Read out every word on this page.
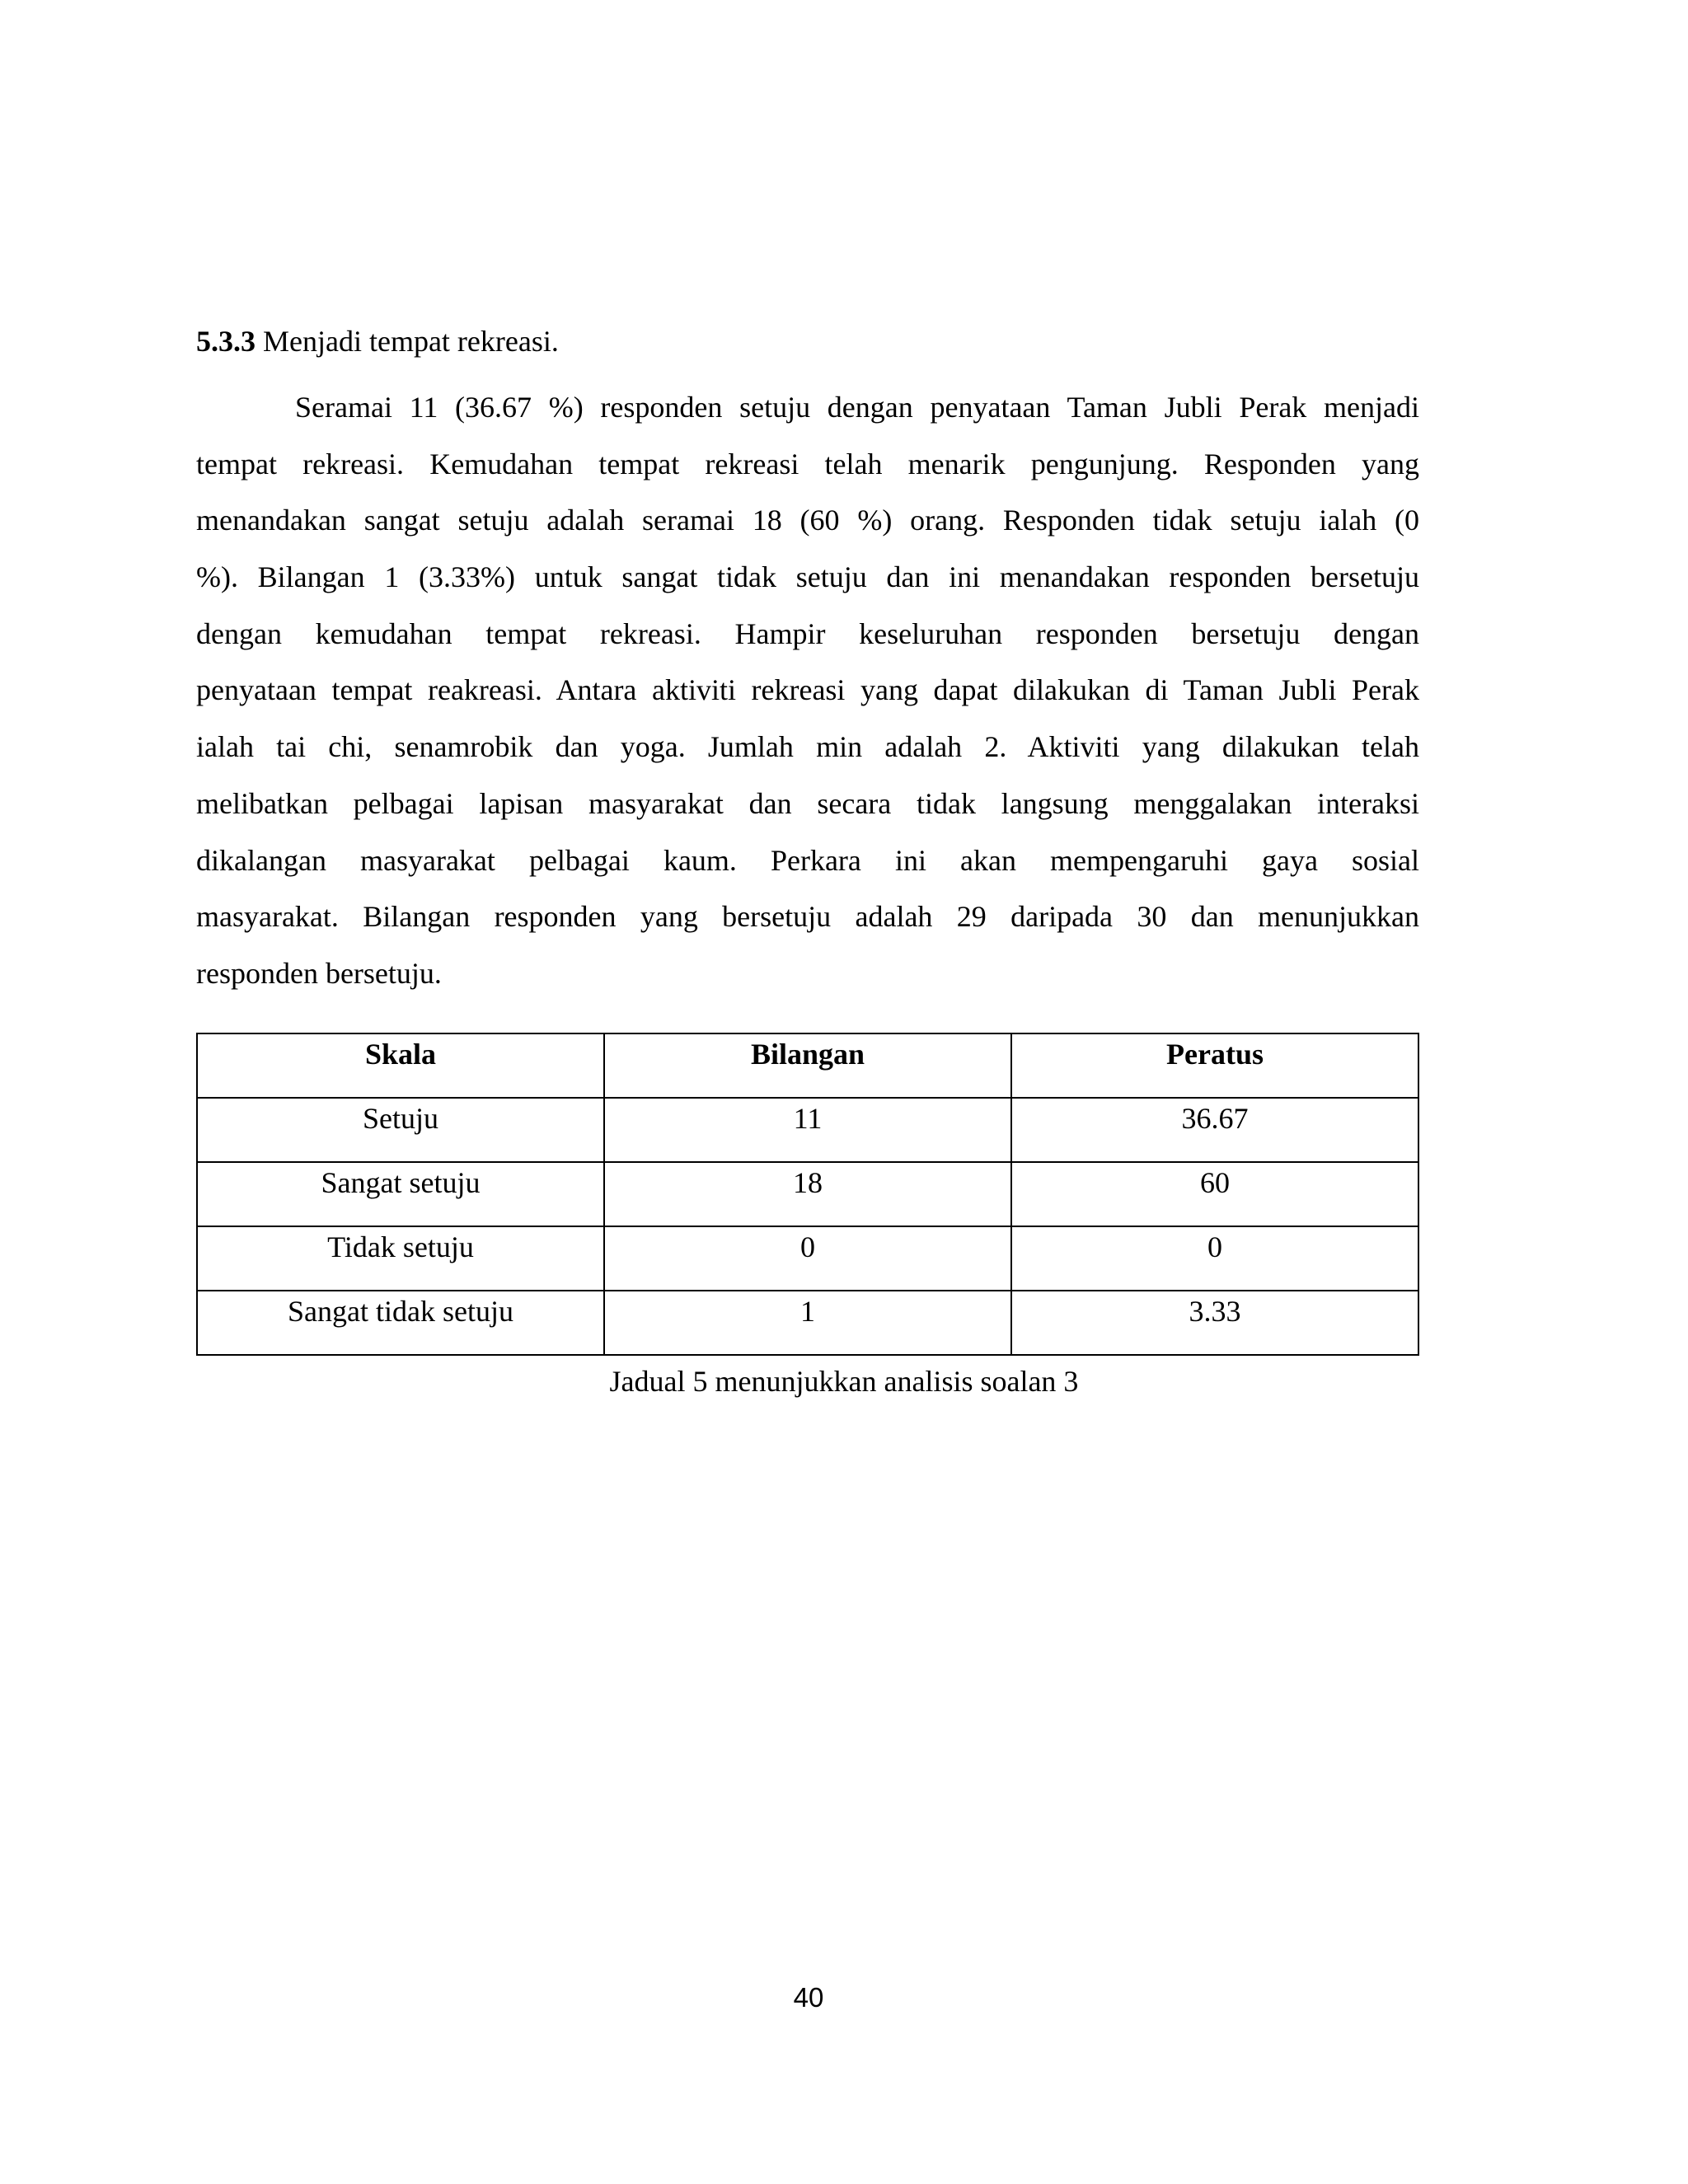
5.3.3 Menjadi tempat rekreasi.
Seramai 11 (36.67 %) responden setuju dengan penyataan Taman Jubli Perak menjadi
tempat rekreasi. Kemudahan tempat rekreasi telah menarik pengunjung. Responden yang
menandakan sangat setuju adalah seramai 18 (60 %) orang. Responden tidak setuju ialah (0
%). Bilangan 1 (3.33%) untuk sangat tidak setuju dan ini menandakan responden bersetuju
dengan kemudahan tempat rekreasi. Hampir keseluruhan responden bersetuju dengan
penyataan tempat reakreasi. Antara aktiviti rekreasi yang dapat dilakukan di Taman Jubli Perak
ialah tai chi, senamrobik dan yoga. Jumlah min adalah 2. Aktiviti yang dilakukan telah
melibatkan pelbagai lapisan masyarakat dan secara tidak langsung menggalakan interaksi
dikalangan masyarakat pelbagai kaum. Perkara ini akan mempengaruhi gaya sosial
masyarakat. Bilangan responden yang bersetuju adalah 29 daripada 30 dan menunjukkan
responden bersetuju.
Skala	Bilangan	Peratus
Setuju	11	36.67
Sangat setuju	18	60
Tidak setuju	0	0
Sangat tidak setuju	1	3.33
Jadual 5 menunjukkan analisis soalan 3
40
